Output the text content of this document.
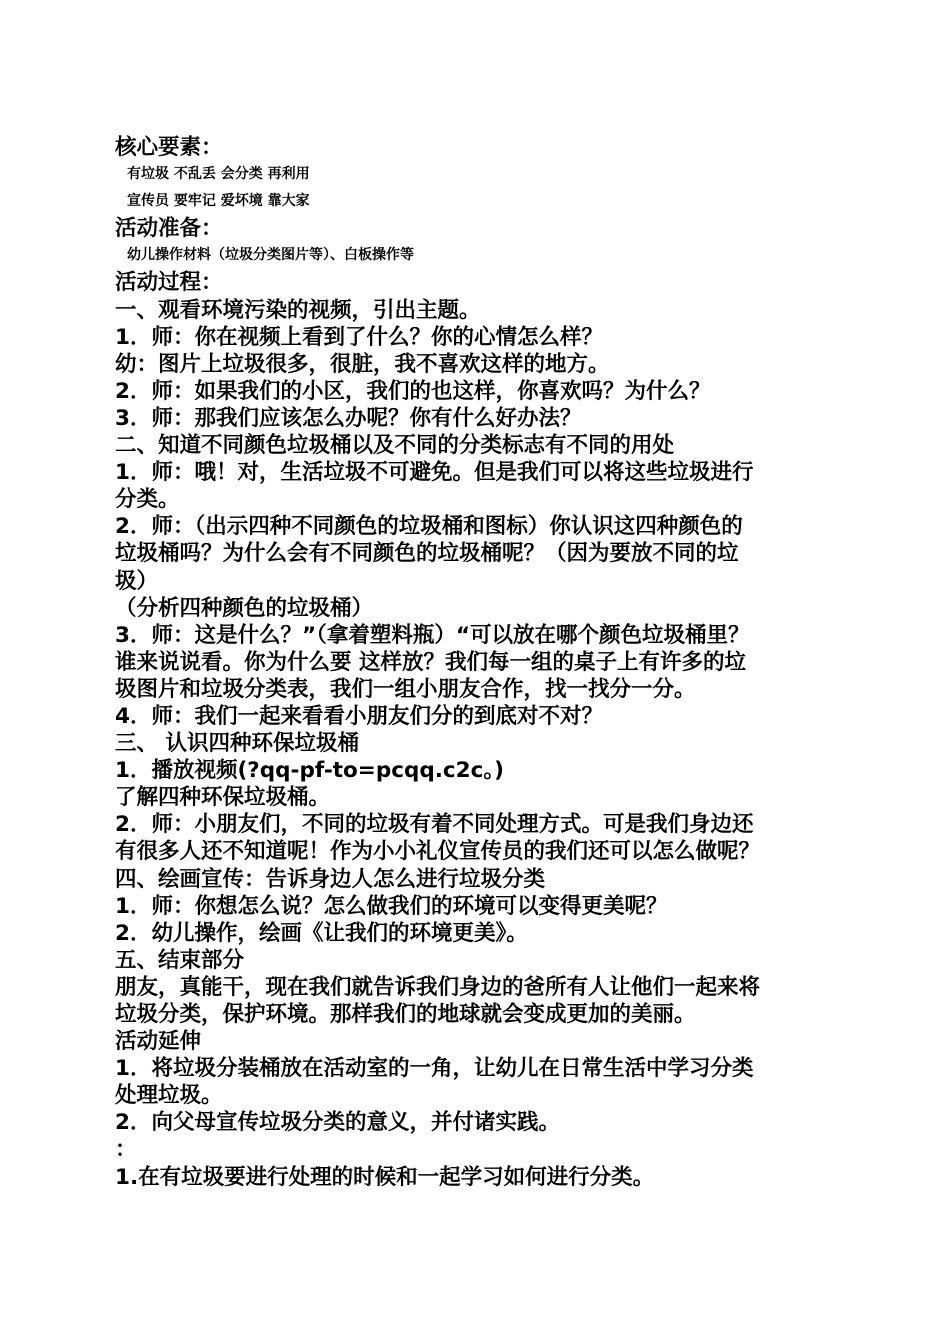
核心要素：
有垃圾 不乱丢 会分类 再利用
宣传员 要牢记 爱坏境 靠大家
活动准备：
幼儿操作材料（垃圾分类图片等）、白板操作等
活动过程：
一、观看环境污染的视频，引出主题。
1．师：你在视频上看到了什么？你的心情怎么样？
幼：图片上垃圾很多，很脏，我不喜欢这样的地方。
2．师：如果我们的小区，我们的也这样，你喜欢吗？为什么？
3．师：那我们应该怎么办呢？你有什么好办法？
二、知道不同颜色垃圾桶以及不同的分类标志有不同的用处
1．师：哦！对，生活垃圾不可避免。但是我们可以将这些垃圾进行
分类。
2．师：（出示四种不同颜色的垃圾桶和图标）你认识这四种颜色的
垃圾桶吗？为什么会有不同颜色的垃圾桶呢？（因为要放不同的垃
圾）
（分析四种颜色的垃圾桶）
3．师：这是什么？”（拿着塑料瓶）“可以放在哪个颜色垃圾桶里？
谁来说说看。你为什么要 这样放？我们每一组的桌子上有许多的垃
圾图片和垃圾分类表，我们一组小朋友合作，找一找分一分。
4．师：我们一起来看看小朋友们分的到底对不对？
三、 认识四种环保垃圾桶
1．播放视频(?qq-pf-to=pcqq.c2c。)
了解四种环保垃圾桶。
2．师：小朋友们，不同的垃圾有着不同处理方式。可是我们身边还
有很多人还不知道呢！作为小小礼仪宣传员的我们还可以怎么做呢？
四、绘画宣传：告诉身边人怎么进行垃圾分类
1．师：你想怎么说？怎么做我们的环境可以变得更美呢？
2．幼儿操作，绘画《让我们的环境更美》。
五、结束部分
朋友，真能干，现在我们就告诉我们身边的爸所有人让他们一起来将
垃圾分类，保护环境。那样我们的地球就会变成更加的美丽。
活动延伸
1．将垃圾分装桶放在活动室的一角，让幼儿在日常生活中学习分类
处理垃圾。
2．向父母宣传垃圾分类的意义，并付诸实践。
：
1.在有垃圾要进行处理的时候和一起学习如何进行分类。
